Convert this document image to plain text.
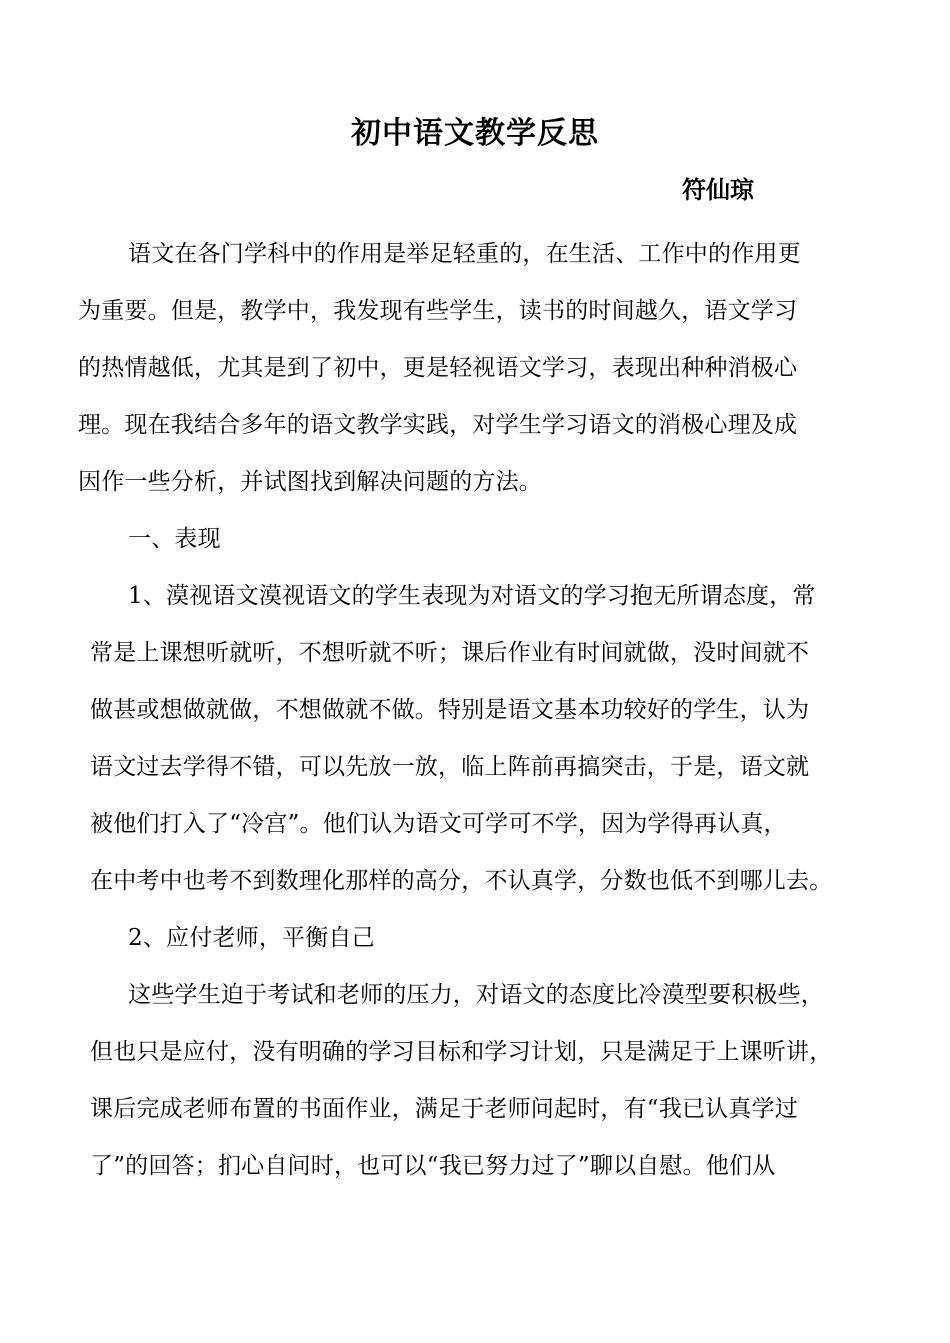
初中语文教学反思
符仙琼
语文在各门学科中的作用是举足轻重的，在生活、工作中的作用更
为重要。但是，教学中，我发现有些学生，读书的时间越久，语文学习
的热情越低，尤其是到了初中，更是轻视语文学习，表现出种种消极心
理。现在我结合多年的语文教学实践，对学生学习语文的消极心理及成
因作一些分析，并试图找到解决问题的方法。
一、表现
1、漠视语文漠视语文的学生表现为对语文的学习抱无所谓态度，常
常是上课想听就听，不想听就不听；课后作业有时间就做，没时间就不
做甚或想做就做，不想做就不做。特别是语文基本功较好的学生，认为
语文过去学得不错，可以先放一放，临上阵前再搞突击，于是，语文就
被他们打入了“冷宫”。他们认为语文可学可不学，因为学得再认真，
在中考中也考不到数理化那样的高分，不认真学，分数也低不到哪儿去。
2、应付老师，平衡自己
这些学生迫于考试和老师的压力，对语文的态度比冷漠型要积极些，
但也只是应付，没有明确的学习目标和学习计划，只是满足于上课听讲，
课后完成老师布置的书面作业，满足于老师问起时，有“我已认真学过
了”的回答；扪心自问时，也可以“我已努力过了”聊以自慰。他们从
